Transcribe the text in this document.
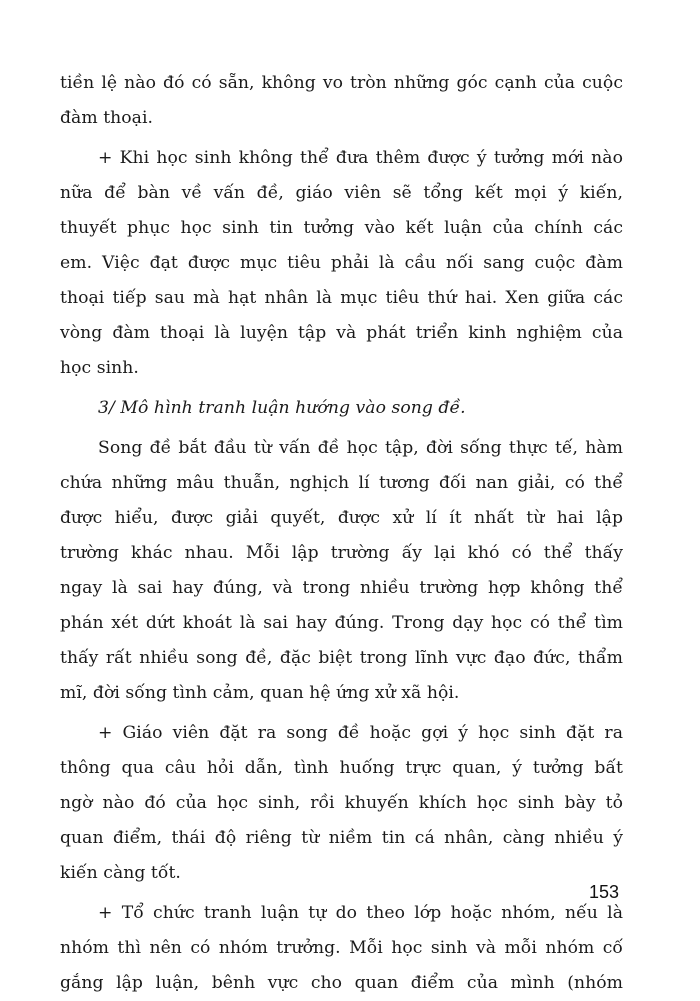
tiền lệ nào đó có sẵn, không vo tròn những góc cạnh của cuộc
đàm thoại.

+ Khi học sinh không thể đưa thêm được ý tưởng mới nào
nữa để bàn về vấn đề, giáo viên sẽ tổng kết mọi ý kiến,
thuyết phục học sinh tin tưởng vào kết luận của chính các
em. Việc đạt được mục tiêu phải là cầu nối sang cuộc đàm
thoại tiếp sau mà hạt nhân là mục tiêu thứ hai. Xen giữa các
vòng đàm thoại là luyện tập và phát triển kinh nghiệm của
học sinh.

3/ Mô hình tranh luận hướng vào song đề.

Song đề bắt đầu từ vấn đề học tập, đời sống thực tế, hàm
chứa những mâu thuẫn, nghịch lí tương đối nan giải, có thể
được hiểu, được giải quyết, được xử lí ít nhất từ hai lập
trường khác nhau. Mỗi lập trường ấy lại khó có thể thấy
ngay là sai hay đúng, và trong nhiều trường hợp không thể
phán xét dứt khoát là sai hay đúng. Trong dạy học có thể tìm
thấy rất nhiều song đề, đặc biệt trong lĩnh vực đạo đức, thẩm
mĩ, đời sống tình cảm, quan hệ ứng xử xã hội.

+ Giáo viên đặt ra song đề hoặc gợi ý học sinh đặt ra
thông qua câu hỏi dẫn, tình huống trực quan, ý tưởng bất
ngờ nào đó của học sinh, rồi khuyến khích học sinh bày tỏ
quan điểm, thái độ riêng từ niềm tin cá nhân, càng nhiều ý
kiến càng tốt.

+ Tổ chức tranh luận tự do theo lớp hoặc nhóm, nếu là
nhóm thì nên có nhóm trưởng. Mỗi học sinh và mỗi nhóm cố
gắng lập luận, bênh vực cho quan điểm của mình (nhóm

153
